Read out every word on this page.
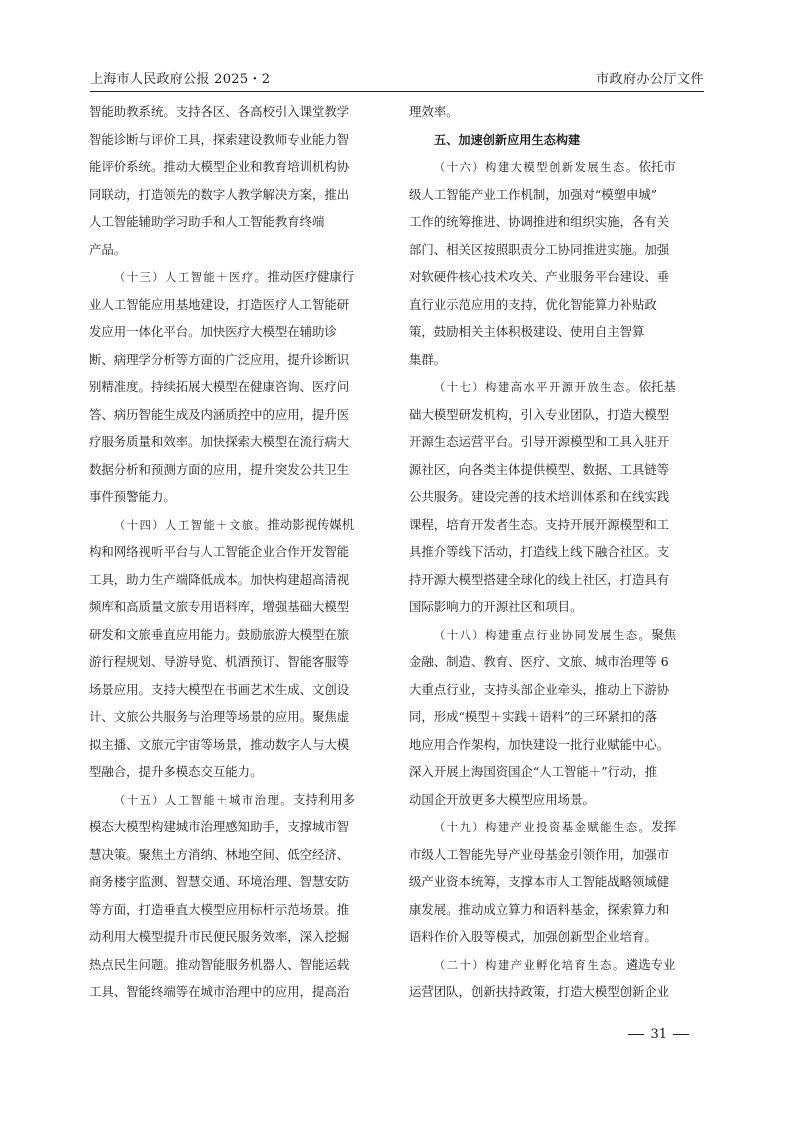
上海市人民政府公报 2025・2	市政府办公厅文件
智能助教系统。支持各区、各高校引入课堂教学
智能诊断与评价工具，探索建设教师专业能力智
能评价系统。推动大模型企业和教育培训机构协
同联动，打造领先的数字人教学解决方案，推出
人工智能辅助学习助手和人工智能教育终端
产品。
（十三）人工智能＋医疗。推动医疗健康行
业人工智能应用基地建设，打造医疗人工智能研
发应用一体化平台。加快医疗大模型在辅助诊
断、病理学分析等方面的广泛应用，提升诊断识
别精准度。持续拓展大模型在健康咨询、医疗问
答、病历智能生成及内涵质控中的应用，提升医
疗服务质量和效率。加快探索大模型在流行病大
数据分析和预测方面的应用，提升突发公共卫生
事件预警能力。
（十四）人工智能＋文旅。推动影视传媒机
构和网络视听平台与人工智能企业合作开发智能
工具，助力生产端降低成本。加快构建超高清视
频库和高质量文旅专用语料库，增强基础大模型
研发和文旅垂直应用能力。鼓励旅游大模型在旅
游行程规划、导游导览、机酒预订、智能客服等
场景应用。支持大模型在书画艺术生成、文创设
计、文旅公共服务与治理等场景的应用。聚焦虚
拟主播、文旅元宇宙等场景，推动数字人与大模
型融合，提升多模态交互能力。
（十五）人工智能＋城市治理。支持利用多
模态大模型构建城市治理感知助手，支撑城市智
慧决策。聚焦土方消纳、林地空间、低空经济、
商务楼宇监测、智慧交通、环境治理、智慧安防
等方面，打造垂直大模型应用标杆示范场景。推
动利用大模型提升市民便民服务效率，深入挖掘
热点民生问题。推动智能服务机器人、智能运载
工具、智能终端等在城市治理中的应用，提高治
理效率。
五、加速创新应用生态构建
（十六）构建大模型创新发展生态。依托市
级人工智能产业工作机制，加强对“模塑申城”
工作的统筹推进、协调推进和组织实施，各有关
部门、相关区按照职责分工协同推进实施。加强
对软硬件核心技术攻关、产业服务平台建设、垂
直行业示范应用的支持，优化智能算力补贴政
策，鼓励相关主体积极建设、使用自主智算
集群。
（十七）构建高水平开源开放生态。依托基
础大模型研发机构，引入专业团队，打造大模型
开源生态运营平台。引导开源模型和工具入驻开
源社区，向各类主体提供模型、数据、工具链等
公共服务。建设完善的技术培训体系和在线实践
课程，培育开发者生态。支持开展开源模型和工
具推介等线下活动，打造线上线下融合社区。支
持开源大模型搭建全球化的线上社区，打造具有
国际影响力的开源社区和项目。
（十八）构建重点行业协同发展生态。聚焦
金融、制造、教育、医疗、文旅、城市治理等 6
大重点行业，支持头部企业牵头，推动上下游协
同，形成“模型＋实践＋语料”的三环紧扣的落
地应用合作架构，加快建设一批行业赋能中心。
深入开展上海国资国企“人工智能＋”行动，推
动国企开放更多大模型应用场景。
（十九）构建产业投资基金赋能生态。发挥
市级人工智能先导产业母基金引领作用，加强市
级产业资本统筹，支撑本市人工智能战略领域健
康发展。推动成立算力和语料基金，探索算力和
语料作价入股等模式，加强创新型企业培育。
（二十）构建产业孵化培育生态。遴选专业
运营团队，创新扶持政策，打造大模型创新企业
31
